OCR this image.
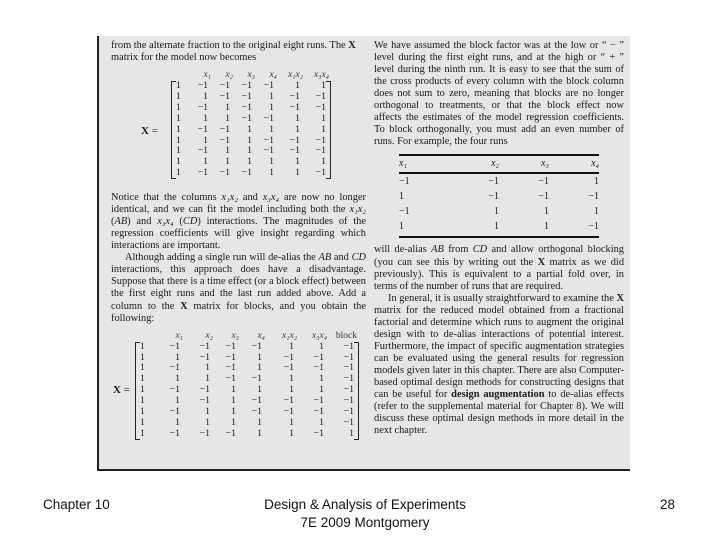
from the alternate fraction to the original eight runs. The X
matrix for the model now becomes

X =
x₁	x₂	x₃	x₄	x₁x₂	x₃x₄
1	−1	−1	−1	−1	1	1
1	1	−1	−1	1	−1	−1
1	−1	1	−1	1	−1	−1
1	1	1	−1	−1	1	1
1	−1	−1	1	1	1	1
1	1	−1	1	−1	−1	−1
1	−1	1	1	−1	−1	−1
1	1	1	1	1	1	1
1	−1	−1	−1	1	1	−1

Notice that the columns x₁x₂ and x₃x₄ are now no longer identical, and we can fit the model including both the x₁x₂ (AB) and x₃x₄ (CD) interactions. The magnitudes of the regression coefficients will give insight regarding which interactions are important.

Although adding a single run will de-alias the AB and CD interactions, this approach does have a disadvantage. Suppose that there is a time effect (or a block effect) between the first eight runs and the last run added above. Add a column to the X matrix for blocks, and you obtain the following:

X =
x₁	x₂	x₃	x₄	x₁x₂	x₃x₄ block
1	−1	−1	−1	−1	1	1	−1
1	1	−1	−1	1	−1	−1	−1
1	−1	1	−1	1	−1	−1	−1
1	1	1	−1	−1	1	1	−1
1	−1	−1	1	1	1	1	−1
1	1	−1	1	−1	−1	−1	−1
1	−1	1	1	−1	−1	−1	−1
1	1	1	1	1	1	1	−1
1	−1	−1	−1	1	1	−1	1

We have assumed the block factor was at the low or “ − ” level during the first eight runs, and at the high or “ + ” level during the ninth run. It is easy to see that the sum of the cross products of every column with the block column does not sum to zero, meaning that blocks are no longer orthogonal to treatments, or that the block effect now affects the estimates of the model regression coefficients. To block orthogonally, you must add an even number of runs. For example, the four runs

x₁	x₂	x₃	x₄
−1	−1	−1	1
1	−1	−1	−1
−1	1	1	1
1	1	1	−1

will de-alias AB from CD and allow orthogonal blocking (you can see this by writing out the X matrix as we did previously). This is equivalent to a partial fold over, in terms of the number of runs that are required.

In general, it is usually straightforward to examine the X matrix for the reduced model obtained from a fractional factorial and determine which runs to augment the original design with to de-alias interactions of potential interest. Furthermore, the impact of specific augmentation strategies can be evaluated using the general results for regression models given later in this chapter. There are also Computer-based optimal design methods for constructing designs that can be useful for design augmentation to de-alias effects (refer to the supplemental material for Chapter 8). We will discuss these optimal design methods in more detail in the next chapter.

Chapter 10	Design & Analysis of Experiments
7E 2009 Montgomery
28
